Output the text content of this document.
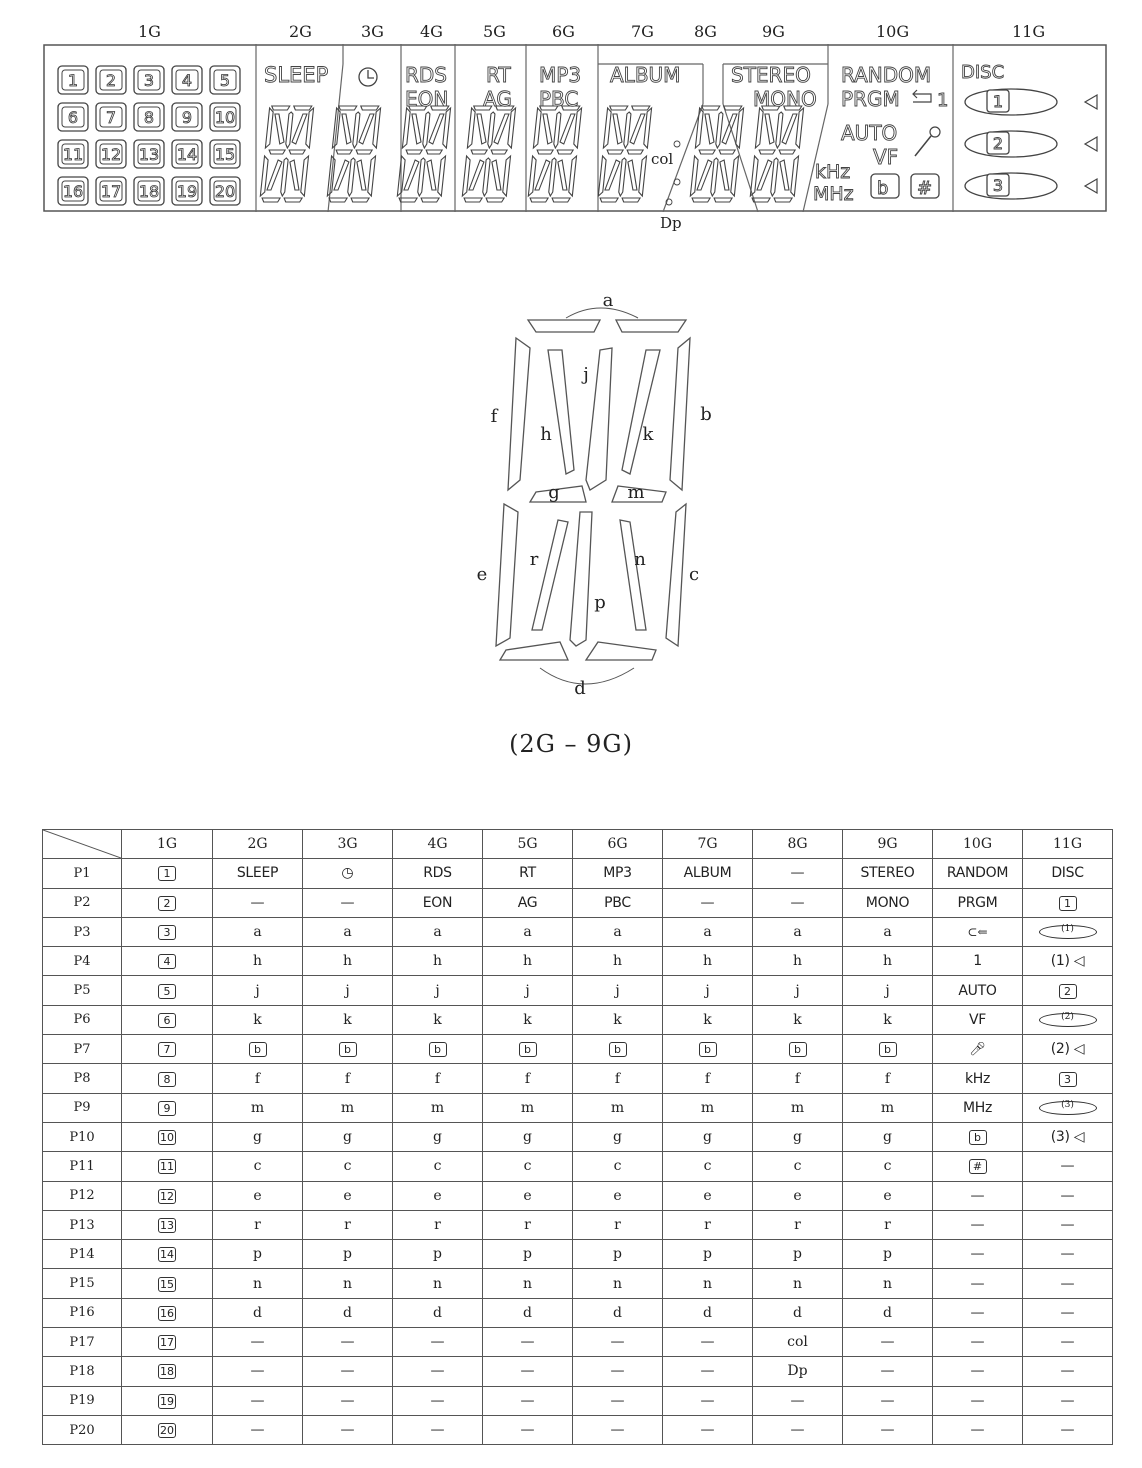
1G	2G	3G 4G	5G	6G	7G	8G	9G	10G	11G
1 2 3 4 5
6 7 8 9 10
11 12 13 14 15
16 17 18 19 20
SLEEP	RDS
EON
RT
AG
MP3
PBC
ALBUM	STEREO
MONO
RANDOM
PRGM 1
AUTO
VF
kHz
MHz
DISC
b #
col
1
2
3
a
b
c
d
e
f
g
h
j
k
m
n
p
r
(2G – 9G)
	1G	2G	3G	4G	5G	6G	7G	8G	9G	10G	11G
P1	1	SLEEP	◷	RDS	RT	MP3	ALBUM	—	STEREO	RANDOM	DISC
P2	2	—	—	EON	AG	PBC	—	—	MONO	PRGM	1
P3	3	a	a	a	a	a	a	a	a	⊂⇐	(1)
P4	4	h	h	h	h	h	h	h	h	1	(1) ◁
P5	5	j	j	j	j	j	j	j	j	AUTO	2
P6	6	k	k	k	k	k	k	k	k	VF	(2)
P7	7	b	b	b	b	b	b	b	b	🎤︎	(2) ◁
P8	8	f	f	f	f	f	f	f	f	kHz	3
P9	9	m	m	m	m	m	m	m	m	MHz	(3)
P10	10	g	g	g	g	g	g	g	g	b	(3) ◁
P11	11	c	c	c	c	c	c	c	c	#	—
P12	12	e	e	e	e	e	e	e	e	—	—
P13	13	r	r	r	r	r	r	r	r	—	—
P14	14	p	p	p	p	p	p	p	p	—	—
P15	15	n	n	n	n	n	n	n	n	—	—
P16	16	d	d	d	d	d	d	d	d	—	—
P17	17	—	—	—	—	—	—	col	—	—	—
P18	18	—	—	—	—	—	—	Dp	—	—	—
P19	19	—	—	—	—	—	—	—	—	—	—
P20	20	—	—	—	—	—	—	—	—	—	—
Dp
